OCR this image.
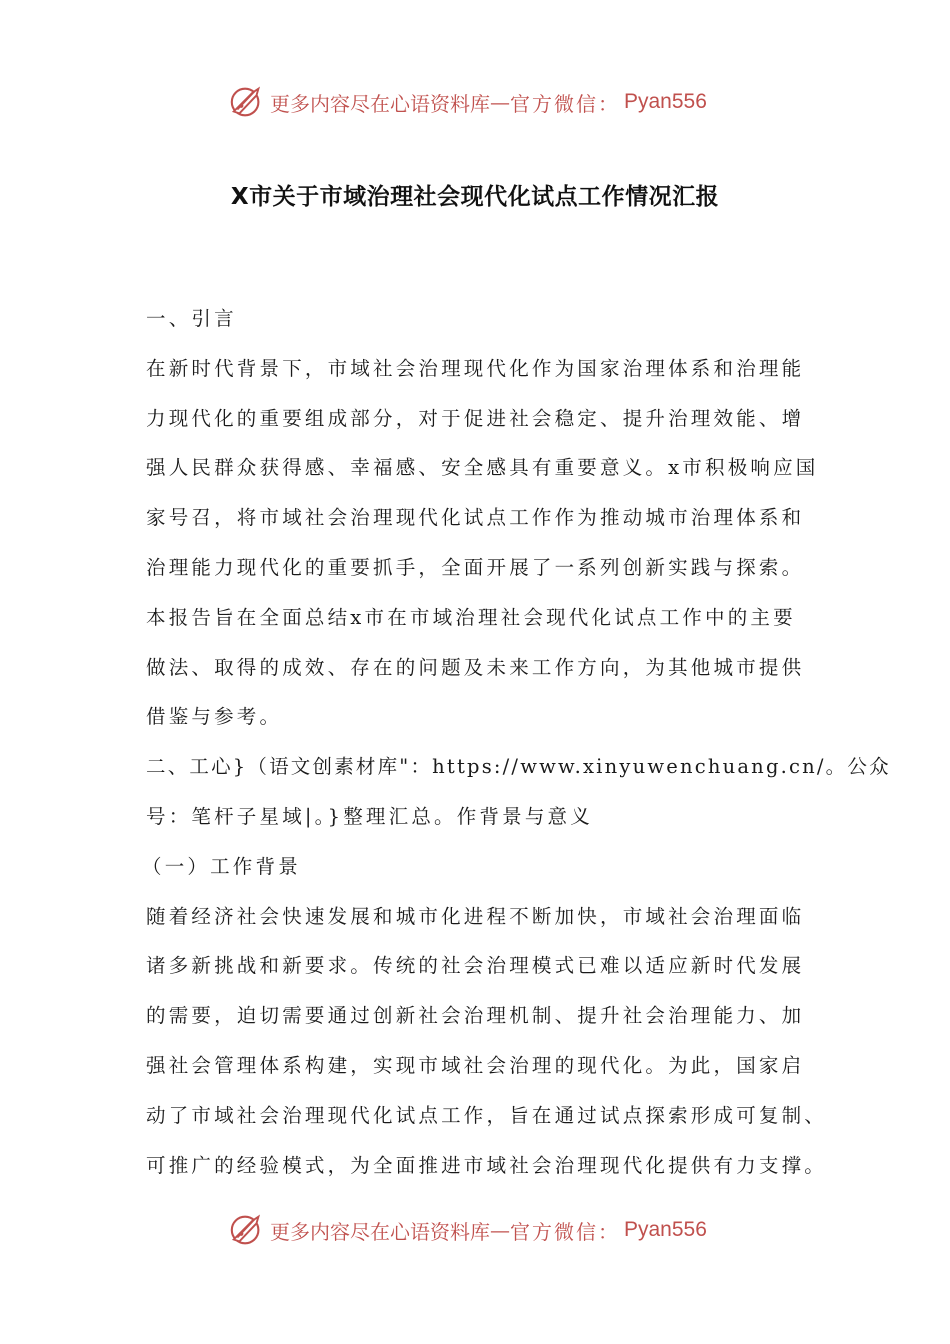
更多内容尽在心语资料库 — 官方微信： Pyan556
X市关于市域治理社会现代化试点工作情况汇报
一、引言
在新时代背景下，市域社会治理现代化作为国家治理体系和治理能
力现代化的重要组成部分，对于促进社会稳定、提升治理效能、增
强人民群众获得感、幸福感、安全感具有重要意义。x市积极响应国
家号召，将市域社会治理现代化试点工作作为推动城市治理体系和
治理能力现代化的重要抓手，全面开展了一系列创新实践与探索。
本报告旨在全面总结x市在市域治理社会现代化试点工作中的主要
做法、取得的成效、存在的问题及未来工作方向，为其他城市提供
借鉴与参考。
二、工心}（语文创素材库"：https://www.xinyuwenchuang.cn/。公众
号：笔杆子星域|。}整理汇总。作背景与意义
（一）工作背景
随着经济社会快速发展和城市化进程不断加快，市域社会治理面临
诸多新挑战和新要求。传统的社会治理模式已难以适应新时代发展
的需要，迫切需要通过创新社会治理机制、提升社会治理能力、加
强社会管理体系构建，实现市域社会治理的现代化。为此，国家启
动了市域社会治理现代化试点工作，旨在通过试点探索形成可复制、
可推广的经验模式，为全面推进市域社会治理现代化提供有力支撑。
更多内容尽在心语资料库 — 官方微信： Pyan556
